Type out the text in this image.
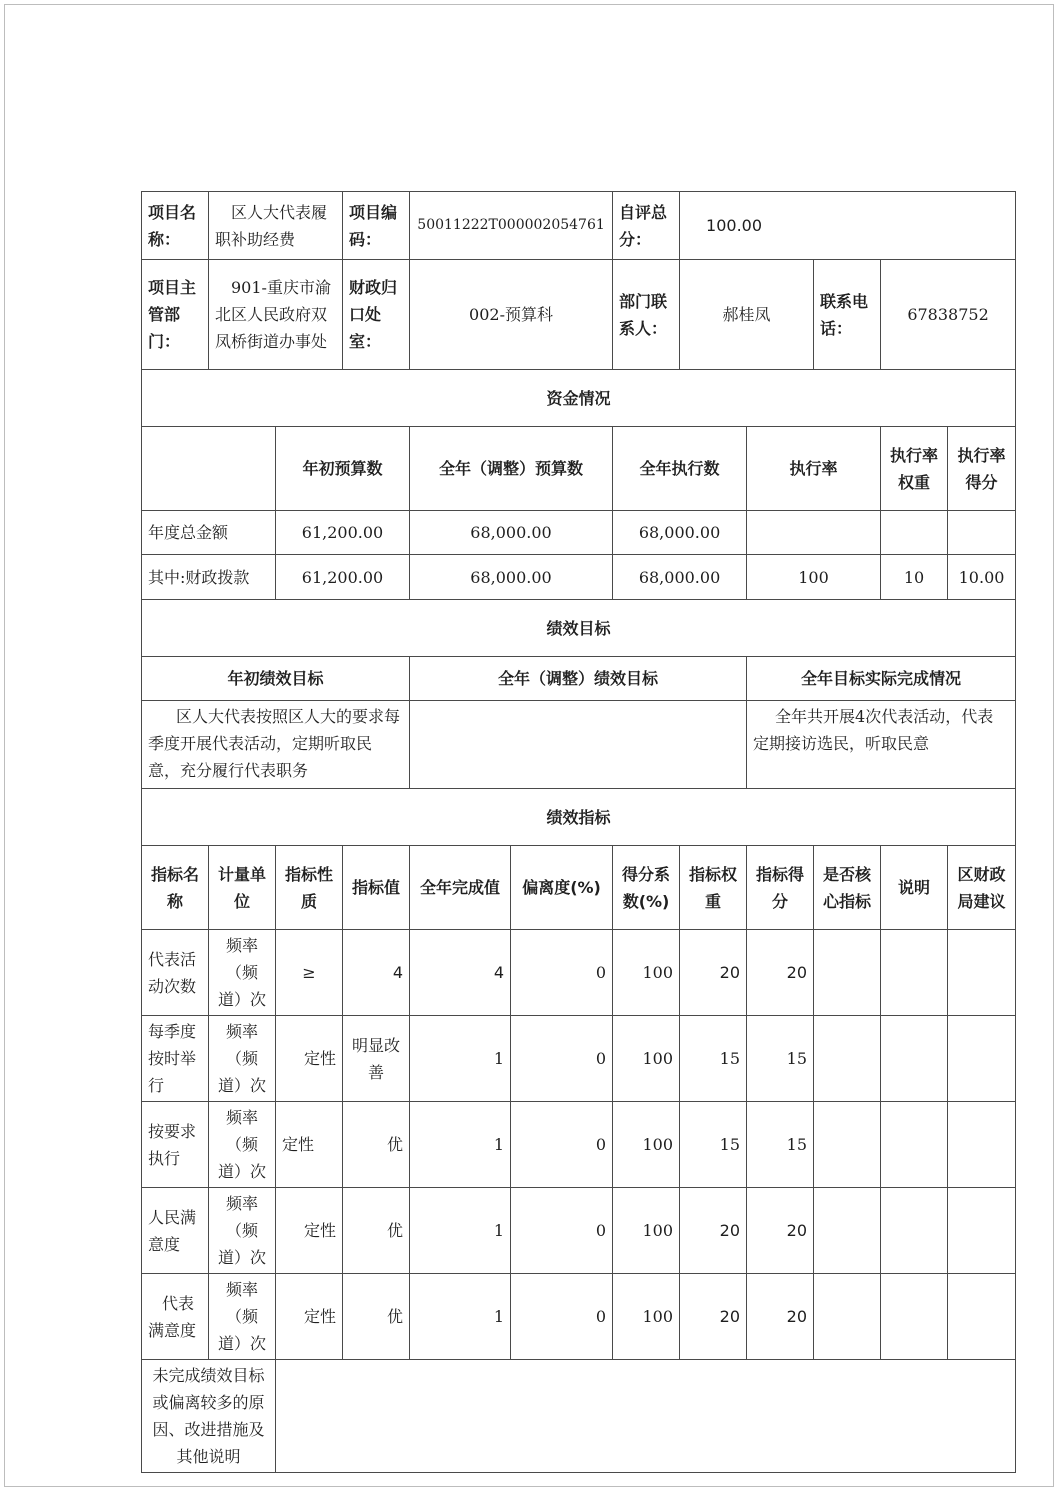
项目名称：	区人大代表履职补助经费		项目编码：	50011222T000002054761		自评总分：	100.00				
项目主管部门：	901-重庆市渝北区人民政府双凤桥街道办事处		财政归口处室：	002-预算科		部门联系人：	郝桂凤		联系电话：	67838752	
资金情况											
		年初预算数		全年（调整）预算数		全年执行数		执行率		执行率权重	执行率得分
年度总金额		61,200.00		68,000.00		68,000.00					
其中:财政拨款		61,200.00		68,000.00		68,000.00		100		10	10.00
绩效目标											
年初绩效目标				全年（调整）绩效目标				全年目标实际完成情况			
区人大代表按照区人大的要求每季度开展代表活动，定期听取民意，充分履行代表职务								全年共开展4次代表活动，代表定期接访选民，听取民意			
绩效指标											
指标名称	计量单位	指标性质	指标值	全年完成值	偏离度(%)	得分系数(%)	指标权重	指标得分	是否核心指标	说明	区财政局建议
代表活动次数	频率（频道）次	≥	4	4	0	100	20	20			
每季度按时举行	频率（频道）次	定性	明显改善	1	0	100	15	15			
按要求执行	频率（频道）次	定性	优	1	0	100	15	15			
人民满意度	频率（频道）次	定性	优	1	0	100	20	20			
代表满意度	频率（频道）次	定性	优	1	0	100	20	20			
未完成绩效目标或偏离较多的原因、改进措施及其他说明											
